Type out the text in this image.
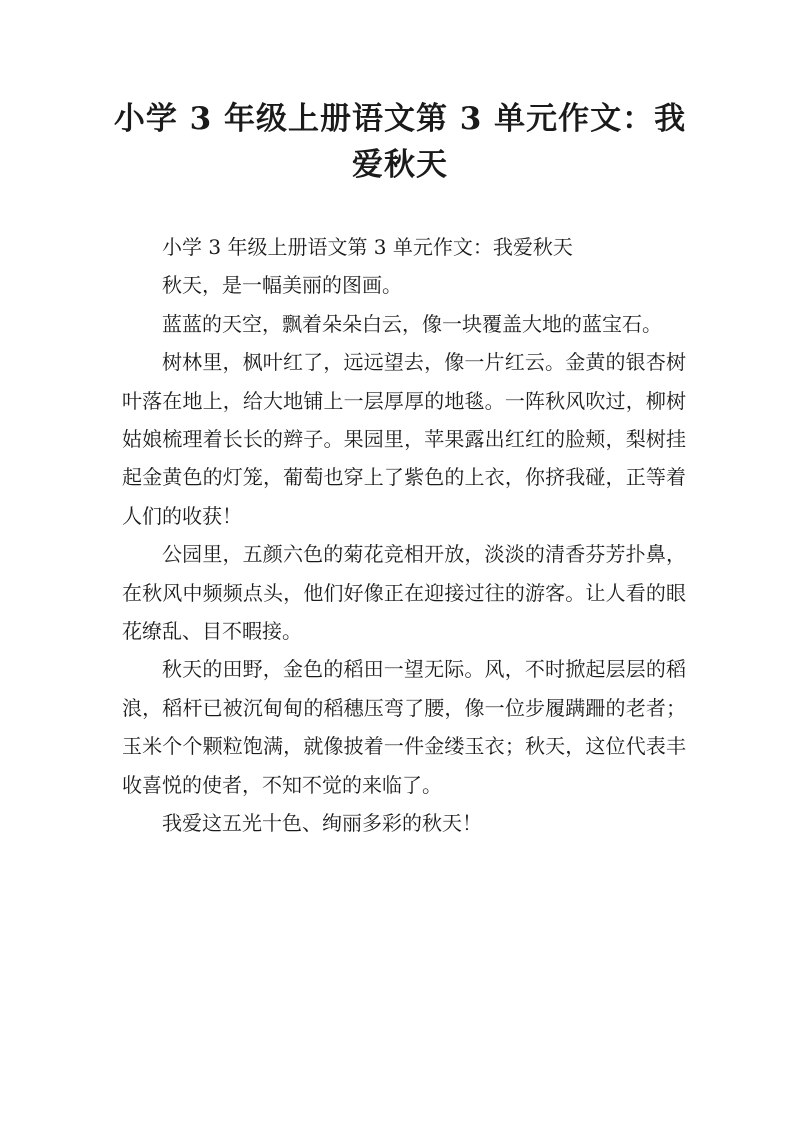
小学 3 年级上册语文第 3 单元作文：我爱秋天

小学 3 年级上册语文第 3 单元作文：我爱秋天

秋天，是一幅美丽的图画。

蓝蓝的天空，飘着朵朵白云，像一块覆盖大地的蓝宝石。

树林里，枫叶红了，远远望去，像一片红云。金黄的银杏树叶落在地上，给大地铺上一层厚厚的地毯。一阵秋风吹过，柳树姑娘梳理着长长的辫子。果园里，苹果露出红红的脸颊，梨树挂起金黄色的灯笼，葡萄也穿上了紫色的上衣，你挤我碰，正等着人们的收获！

公园里，五颜六色的菊花竞相开放，淡淡的清香芬芳扑鼻，在秋风中频频点头，他们好像正在迎接过往的游客。让人看的眼花缭乱、目不暇接。

秋天的田野，金色的稻田一望无际。风，不时掀起层层的稻浪，稻杆已被沉甸甸的稻穗压弯了腰，像一位步履蹒跚的老者；玉米个个颗粒饱满，就像披着一件金缕玉衣；秋天，这位代表丰收喜悦的使者，不知不觉的来临了。

我爱这五光十色、绚丽多彩的秋天！
